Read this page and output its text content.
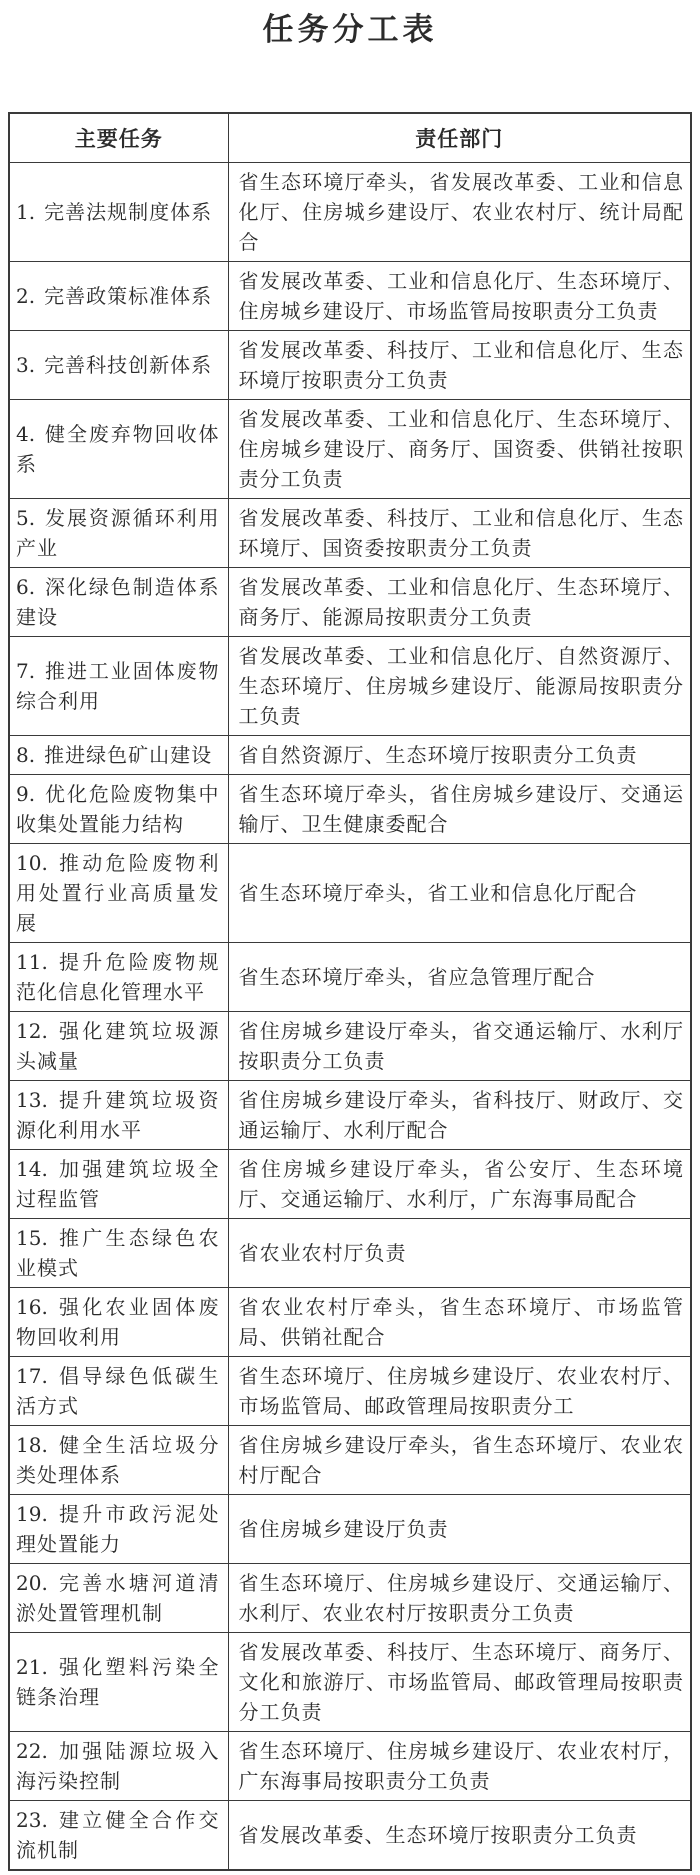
任务分工表
主要任务	责任部门
1. 完善法规制度体系	省生态环境厅牵头，省发展改革委、工业和信息化厅、住房城乡建设厅、农业农村厅、统计局配合
2. 完善政策标准体系	省发展改革委、工业和信息化厅、生态环境厅、住房城乡建设厅、市场监管局按职责分工负责
3. 完善科技创新体系	省发展改革委、科技厅、工业和信息化厅、生态环境厅按职责分工负责
4. 健全废弃物回收体系	省发展改革委、工业和信息化厅、生态环境厅、住房城乡建设厅、商务厅、国资委、供销社按职责分工负责
5. 发展资源循环利用产业	省发展改革委、科技厅、工业和信息化厅、生态环境厅、国资委按职责分工负责
6. 深化绿色制造体系建设	省发展改革委、工业和信息化厅、生态环境厅、商务厅、能源局按职责分工负责
7. 推进工业固体废物综合利用	省发展改革委、工业和信息化厅、自然资源厅、生态环境厅、住房城乡建设厅、能源局按职责分工负责
8. 推进绿色矿山建设	省自然资源厅、生态环境厅按职责分工负责
9. 优化危险废物集中收集处置能力结构	省生态环境厅牵头，省住房城乡建设厅、交通运输厅、卫生健康委配合
10. 推动危险废物利用处置行业高质量发展	省生态环境厅牵头，省工业和信息化厅配合
11. 提升危险废物规范化信息化管理水平	省生态环境厅牵头，省应急管理厅配合
12. 强化建筑垃圾源头减量	省住房城乡建设厅牵头，省交通运输厅、水利厅按职责分工负责
13. 提升建筑垃圾资源化利用水平	省住房城乡建设厅牵头，省科技厅、财政厅、交通运输厅、水利厅配合
14. 加强建筑垃圾全过程监管	省住房城乡建设厅牵头，省公安厅、生态环境厅、交通运输厅、水利厅，广东海事局配合
15. 推广生态绿色农业模式	省农业农村厅负责
16. 强化农业固体废物回收利用	省农业农村厅牵头，省生态环境厅、市场监管局、供销社配合
17. 倡导绿色低碳生活方式	省生态环境厅、住房城乡建设厅、农业农村厅、市场监管局、邮政管理局按职责分工
18. 健全生活垃圾分类处理体系	省住房城乡建设厅牵头，省生态环境厅、农业农村厅配合
19. 提升市政污泥处理处置能力	省住房城乡建设厅负责
20. 完善水塘河道清淤处置管理机制	省生态环境厅、住房城乡建设厅、交通运输厅、水利厅、农业农村厅按职责分工负责
21. 强化塑料污染全链条治理	省发展改革委、科技厅、生态环境厅、商务厅、文化和旅游厅、市场监管局、邮政管理局按职责分工负责
22. 加强陆源垃圾入海污染控制	省生态环境厅、住房城乡建设厅、农业农村厅，广东海事局按职责分工负责
23. 建立健全合作交流机制	省发展改革委、生态环境厅按职责分工负责
